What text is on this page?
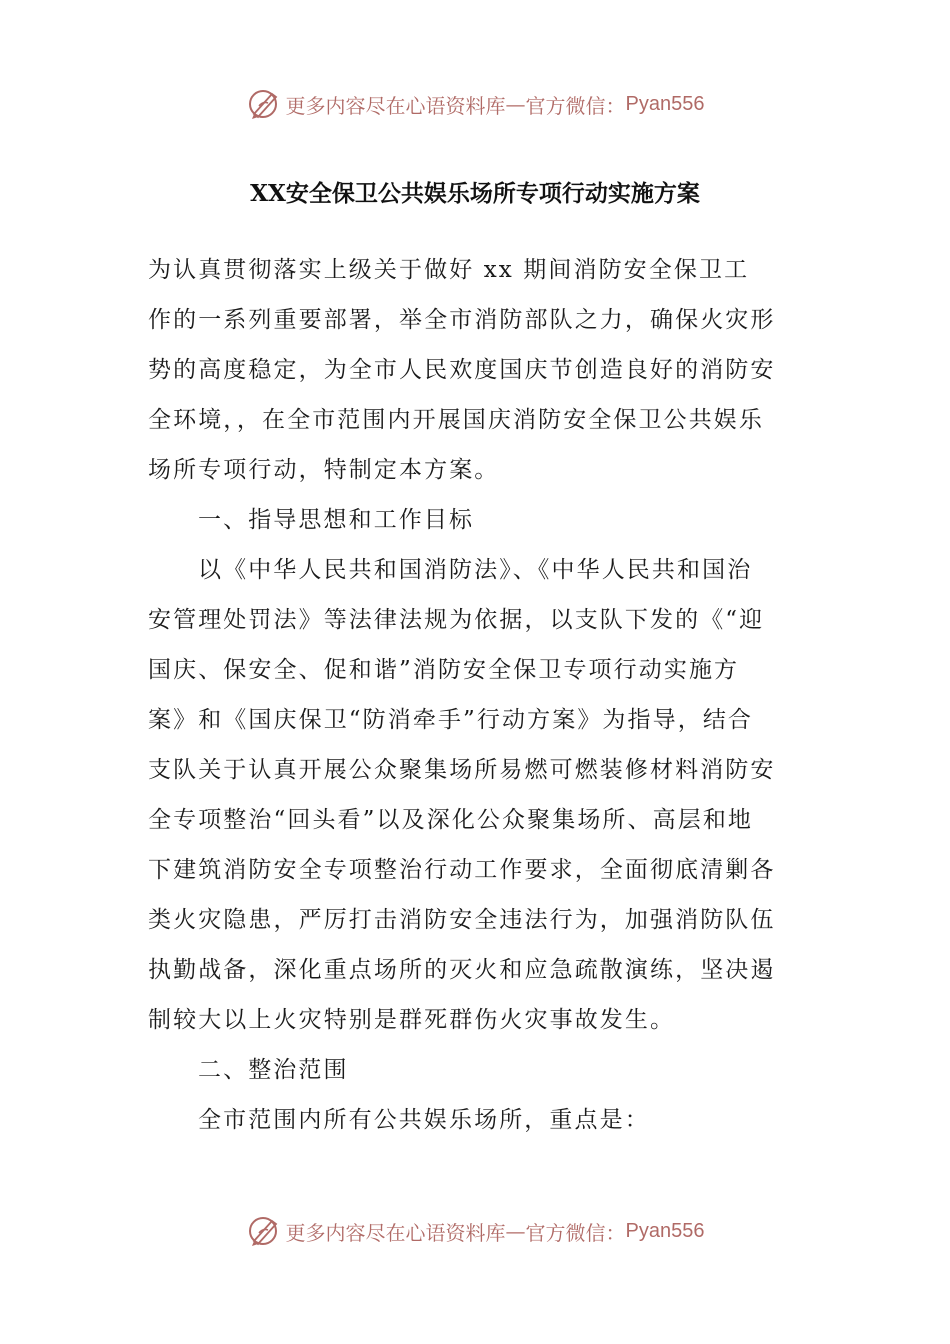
更多内容尽在心语资料库 — 官方微信： Pyan556
XX安全保卫公共娱乐场所专项行动实施方案
为认真贯彻落实上级关于做好 xx 期间消防安全保卫工
作的一系列重要部署，举全市消防部队之力，确保火灾形
势的高度稳定，为全市人民欢度国庆节创造良好的消防安
全环境，，在全市范围内开展国庆消防安全保卫公共娱乐
场所专项行动，特制定本方案。
一、指导思想和工作目标
以《中华人民共和国消防法》、《中华人民共和国治
安管理处罚法》等法律法规为依据，以支队下发的《“迎
国庆、保安全、促和谐”消防安全保卫专项行动实施方
案》和《国庆保卫“防消牵手”行动方案》为指导，结合
支队关于认真开展公众聚集场所易燃可燃装修材料消防安
全专项整治“回头看”以及深化公众聚集场所、高层和地
下建筑消防安全专项整治行动工作要求，全面彻底清剿各
类火灾隐患，严厉打击消防安全违法行为，加强消防队伍
执勤战备，深化重点场所的灭火和应急疏散演练，坚决遏
制较大以上火灾特别是群死群伤火灾事故发生。
二、整治范围
全市范围内所有公共娱乐场所，重点是：
更多内容尽在心语资料库 — 官方微信： Pyan556
